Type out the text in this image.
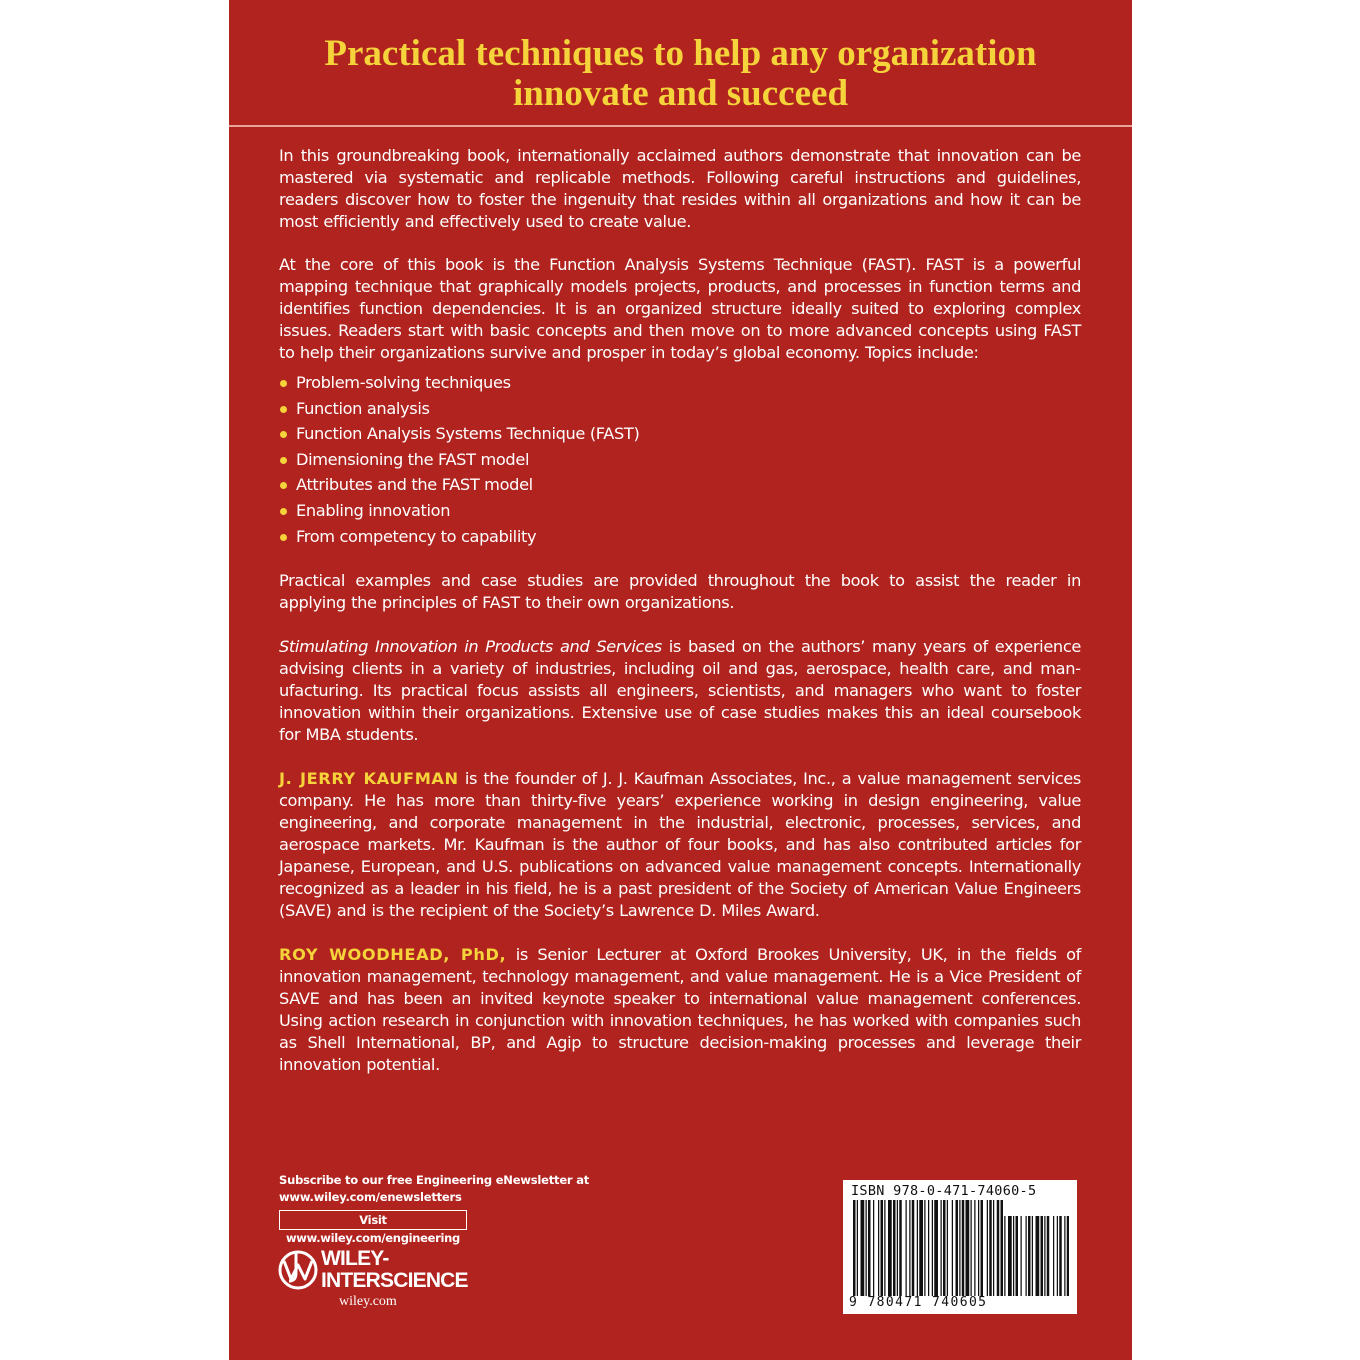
Practical techniques to help any organization
innovate and succeed

In this groundbreaking book, internationally acclaimed authors demonstrate that innovation can be mastered via systematic and replicable methods. Following careful instructions and guidelines, readers discover how to foster the ingenuity that resides within all organizations and how it can be most efficiently and effectively used to create value.

At the core of this book is the Function Analysis Systems Technique (FAST). FAST is a powerful mapping technique that graphically models projects, products, and processes in function terms and identifies function dependencies. It is an organized structure ideally suited to exploring complex issues. Readers start with basic concepts and then move on to more advanced concepts using FAST to help their organizations survive and prosper in today’s global economy. Topics include:

Problem-solving techniques
Function analysis
Function Analysis Systems Technique (FAST)
Dimensioning the FAST model
Attributes and the FAST model
Enabling innovation
From competency to capability

Practical examples and case studies are provided throughout the book to assist the reader in applying the principles of FAST to their own organizations.

Stimulating Innovation in Products and Services is based on the authors’ many years of experience advising clients in a variety of industries, including oil and gas, aerospace, health care, and manufacturing. Its practical focus assists all engineers, scientists, and managers who want to foster innovation within their organizations. Extensive use of case studies makes this an ideal coursebook for MBA students.

J. JERRY KAUFMAN is the founder of J. J. Kaufman Associates, Inc., a value management services company. He has more than thirty-five years’ experience working in design engineering, value engineering, and corporate management in the industrial, electronic, processes, services, and aerospace markets. Mr. Kaufman is the author of four books, and has also contributed articles for Japanese, European, and U.S. publications on advanced value management concepts. Internationally recognized as a leader in his field, he is a past president of the Society of American Value Engineers (SAVE) and is the recipient of the Society’s Lawrence D. Miles Award.

ROY WOODHEAD, PhD, is Senior Lecturer at Oxford Brookes University, UK, in the fields of innovation management, technology management, and value management. He is a Vice President of SAVE and has been an invited keynote speaker to international value management conferences. Using action research in conjunction with innovation techniques, he has worked with companies such as Shell International, BP, and Agip to structure decision-making processes and leverage their innovation potential.

Subscribe to our free Engineering eNewsletter at
www.wiley.com/enewsletters
Visit www.wiley.com/engineering
WILEY-
INTERSCIENCE
wiley.com
ISBN 978-0-471-74060-5
9 780471 740605
